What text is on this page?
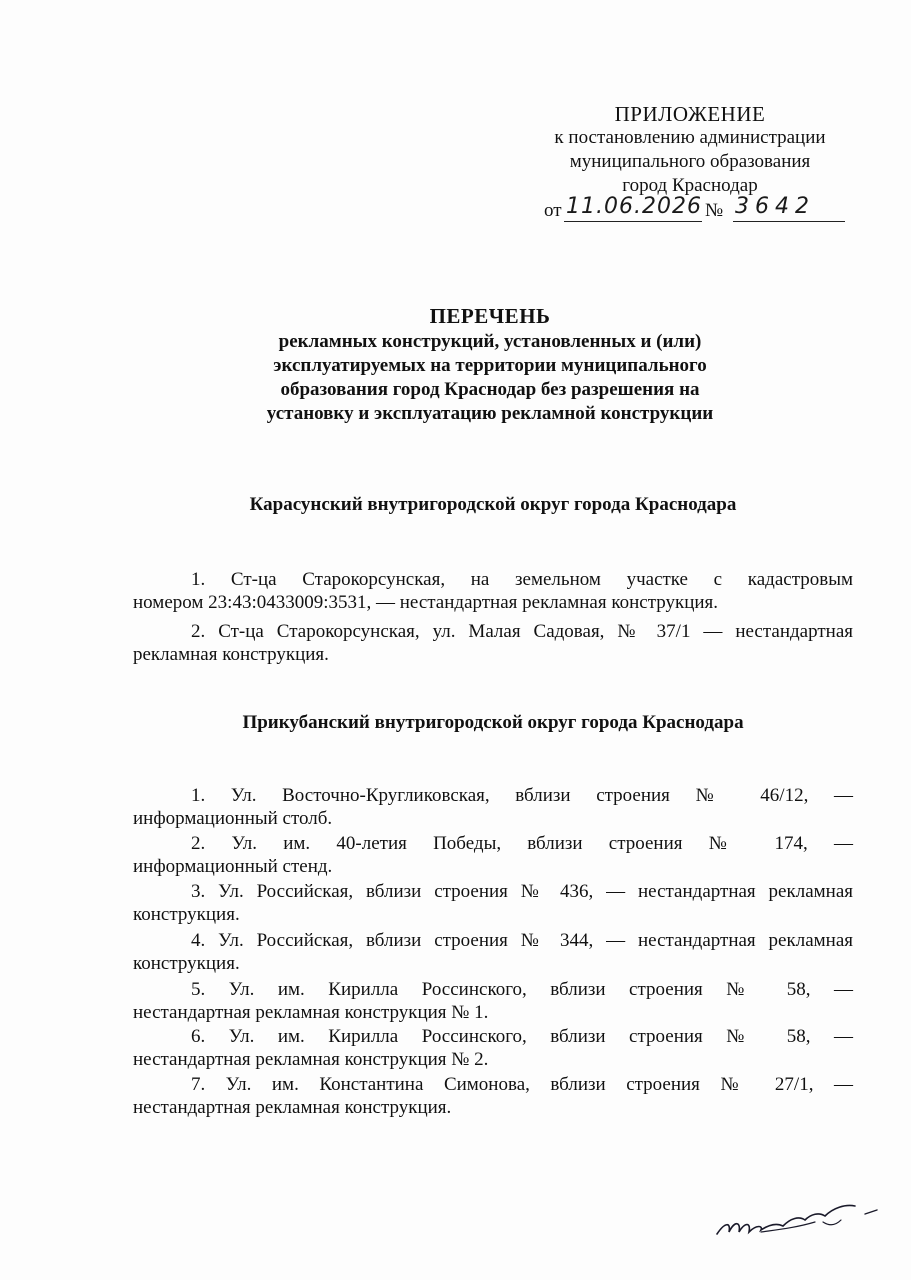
ПРИЛОЖЕНИЕ
к постановлению администрации
муниципального образования
город Краснодар
от 11.06.2026 № 3642
ПЕРЕЧЕНЬ
рекламных конструкций, установленных и (или)
эксплуатируемых на территории муниципального
образования город Краснодар без разрешения на
установку и эксплуатацию рекламной конструкции
Карасунский внутригородской округ города Краснодара
1. Ст-ца Старокорсунская, на земельном участке с кадастровым
номером 23:43:0433009:3531, — нестандартная рекламная конструкция.
2. Ст-ца Старокорсунская, ул. Малая Садовая, № 37/1 — нестандартная
рекламная конструкция.
Прикубанский внутригородской округ города Краснодара
1. Ул. Восточно-Кругликовская, вблизи строения № 46/12, —
информационный столб.
2. Ул. им. 40-летия Победы, вблизи строения № 174, —
информационный стенд.
3. Ул. Российская, вблизи строения № 436, — нестандартная рекламная
конструкция.
4. Ул. Российская, вблизи строения № 344, — нестандартная рекламная
конструкция.
5. Ул. им. Кирилла Россинского, вблизи строения № 58, —
нестандартная рекламная конструкция № 1.
6. Ул. им. Кирилла Россинского, вблизи строения № 58, —
нестандартная рекламная конструкция № 2.
7. Ул. им. Константина Симонова, вблизи строения № 27/1, —
нестандартная рекламная конструкция.
